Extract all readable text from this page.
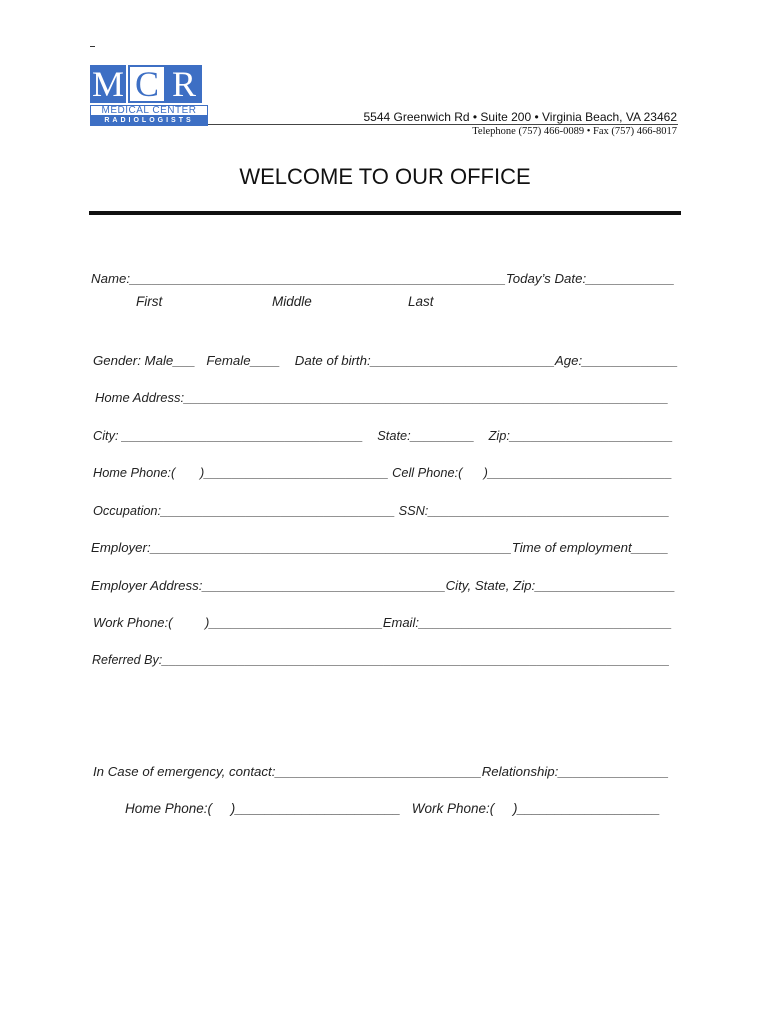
M C R
MEDICAL CENTER
RADIOLOGISTS	5544 Greenwich Rd • Suite 200 • Virginia Beach, VA 23462
Telephone (757) 466-0089 • Fax (757) 466-8017
WELCOME TO OUR OFFICE
Name:___________________________________________________Today’s Date:____________
First	Middle	Last
Gender: Male___   Female____    Date of birth:_________________________Age:_____________
Home Address:___________________________________________________________________
City: __________________________________    State:_________    Zip:_______________________
Home Phone:(       )__________________________ Cell Phone:(      )__________________________
Occupation:_________________________________ SSN:__________________________________
Employer:_________________________________________________Time of employment_____
Employer Address:_________________________________City, State, Zip:___________________
Work Phone:(         )________________________Email:___________________________________
Referred By:_________________________________________________________________________
In Case of emergency, contact:____________________________Relationship:_______________
Home Phone:(     )______________________   Work Phone:(     )___________________
